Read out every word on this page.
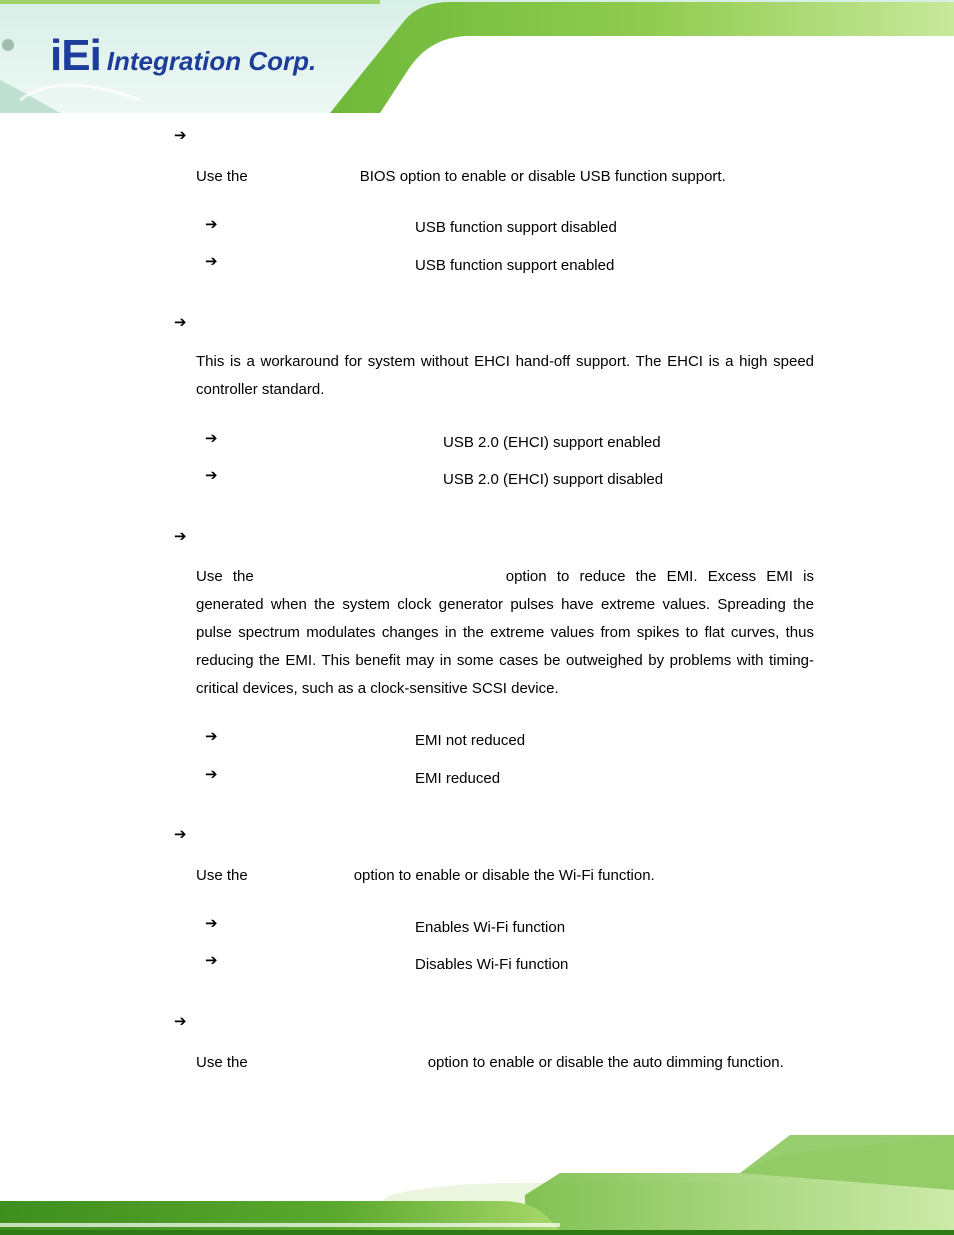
iEi Integration Corp.
➔
Use the	BIOS option to enable or disable USB function support.
➔	USB function support disabled
➔	USB function support enabled
➔
This is a workaround for system without EHCI hand-off support. The EHCI is a high speed controller standard.
➔	USB 2.0 (EHCI) support enabled
➔	USB 2.0 (EHCI) support disabled
➔
Use  the	option  to  reduce  the  EMI.  Excess  EMI  is generated when the system clock generator pulses have extreme values. Spreading the pulse spectrum modulates changes in the extreme values from spikes to flat curves, thus reducing the EMI. This benefit may in some cases be outweighed by problems with timing-critical devices, such as a clock-sensitive SCSI device.
➔	EMI not reduced
➔	EMI reduced
➔
Use the	option to enable or disable the Wi-Fi function.
➔	Enables Wi-Fi function
➔	Disables Wi-Fi function
➔
Use the	option to enable or disable the auto dimming function.
